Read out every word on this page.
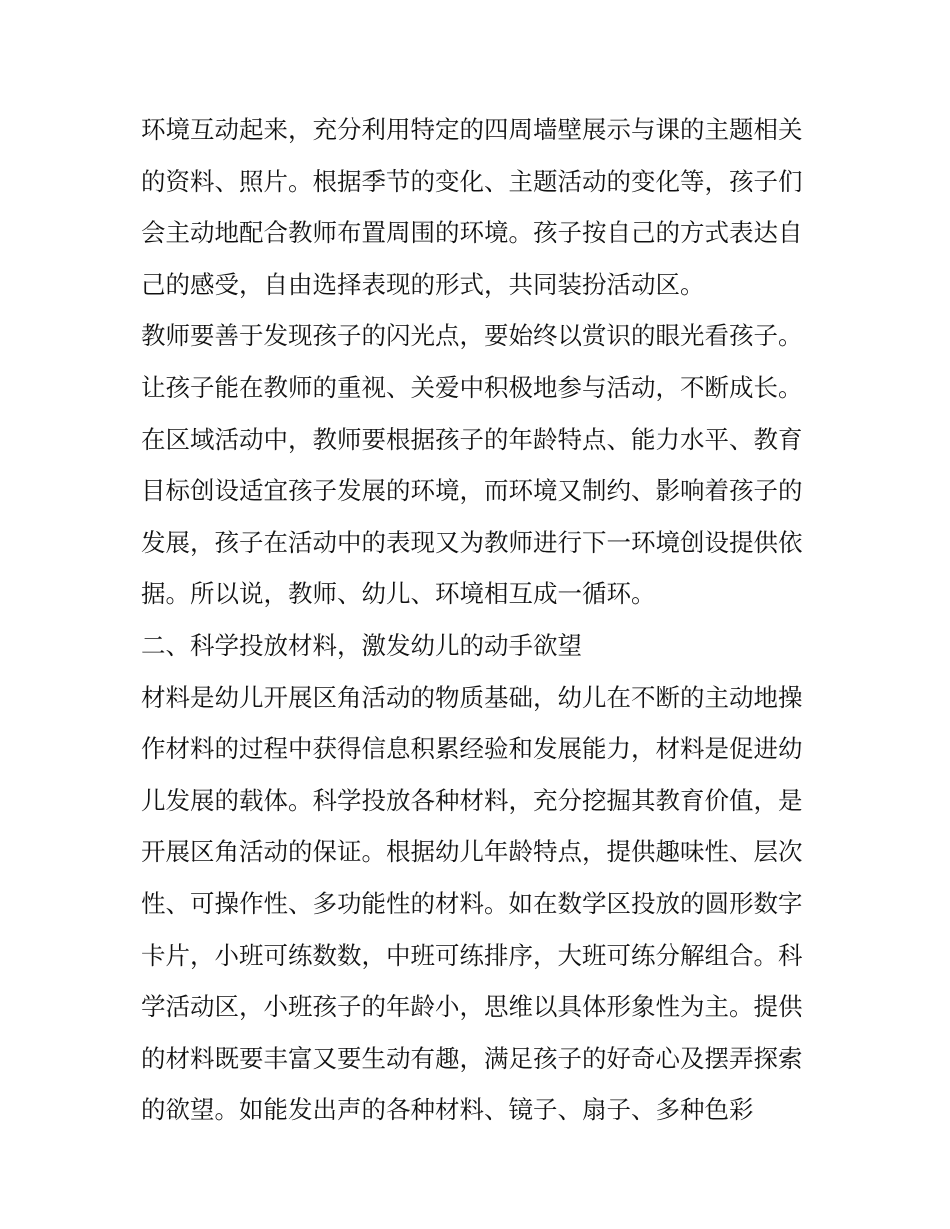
环境互动起来，充分利用特定的四周墙壁展示与课的主题相关
的资料、照片。根据季节的变化、主题活动的变化等，孩子们
会主动地配合教师布置周围的环境。孩子按自己的方式表达自
己的感受，自由选择表现的形式，共同装扮活动区。
教师要善于发现孩子的闪光点，要始终以赏识的眼光看孩子。
让孩子能在教师的重视、关爱中积极地参与活动，不断成长。
在区域活动中，教师要根据孩子的年龄特点、能力水平、教育
目标创设适宜孩子发展的环境，而环境又制约、影响着孩子的
发展，孩子在活动中的表现又为教师进行下一环境创设提供依
据。所以说，教师、幼儿、环境相互成一循环。
二、科学投放材料，激发幼儿的动手欲望
材料是幼儿开展区角活动的物质基础，幼儿在不断的主动地操
作材料的过程中获得信息积累经验和发展能力，材料是促进幼
儿发展的载体。科学投放各种材料，充分挖掘其教育价值，是
开展区角活动的保证。根据幼儿年龄特点，提供趣味性、层次
性、可操作性、多功能性的材料。如在数学区投放的圆形数字
卡片，小班可练数数，中班可练排序，大班可练分解组合。科
学活动区，小班孩子的年龄小，思维以具体形象性为主。提供
的材料既要丰富又要生动有趣，满足孩子的好奇心及摆弄探索
的欲望。如能发出声的各种材料、镜子、扇子、多种色彩
